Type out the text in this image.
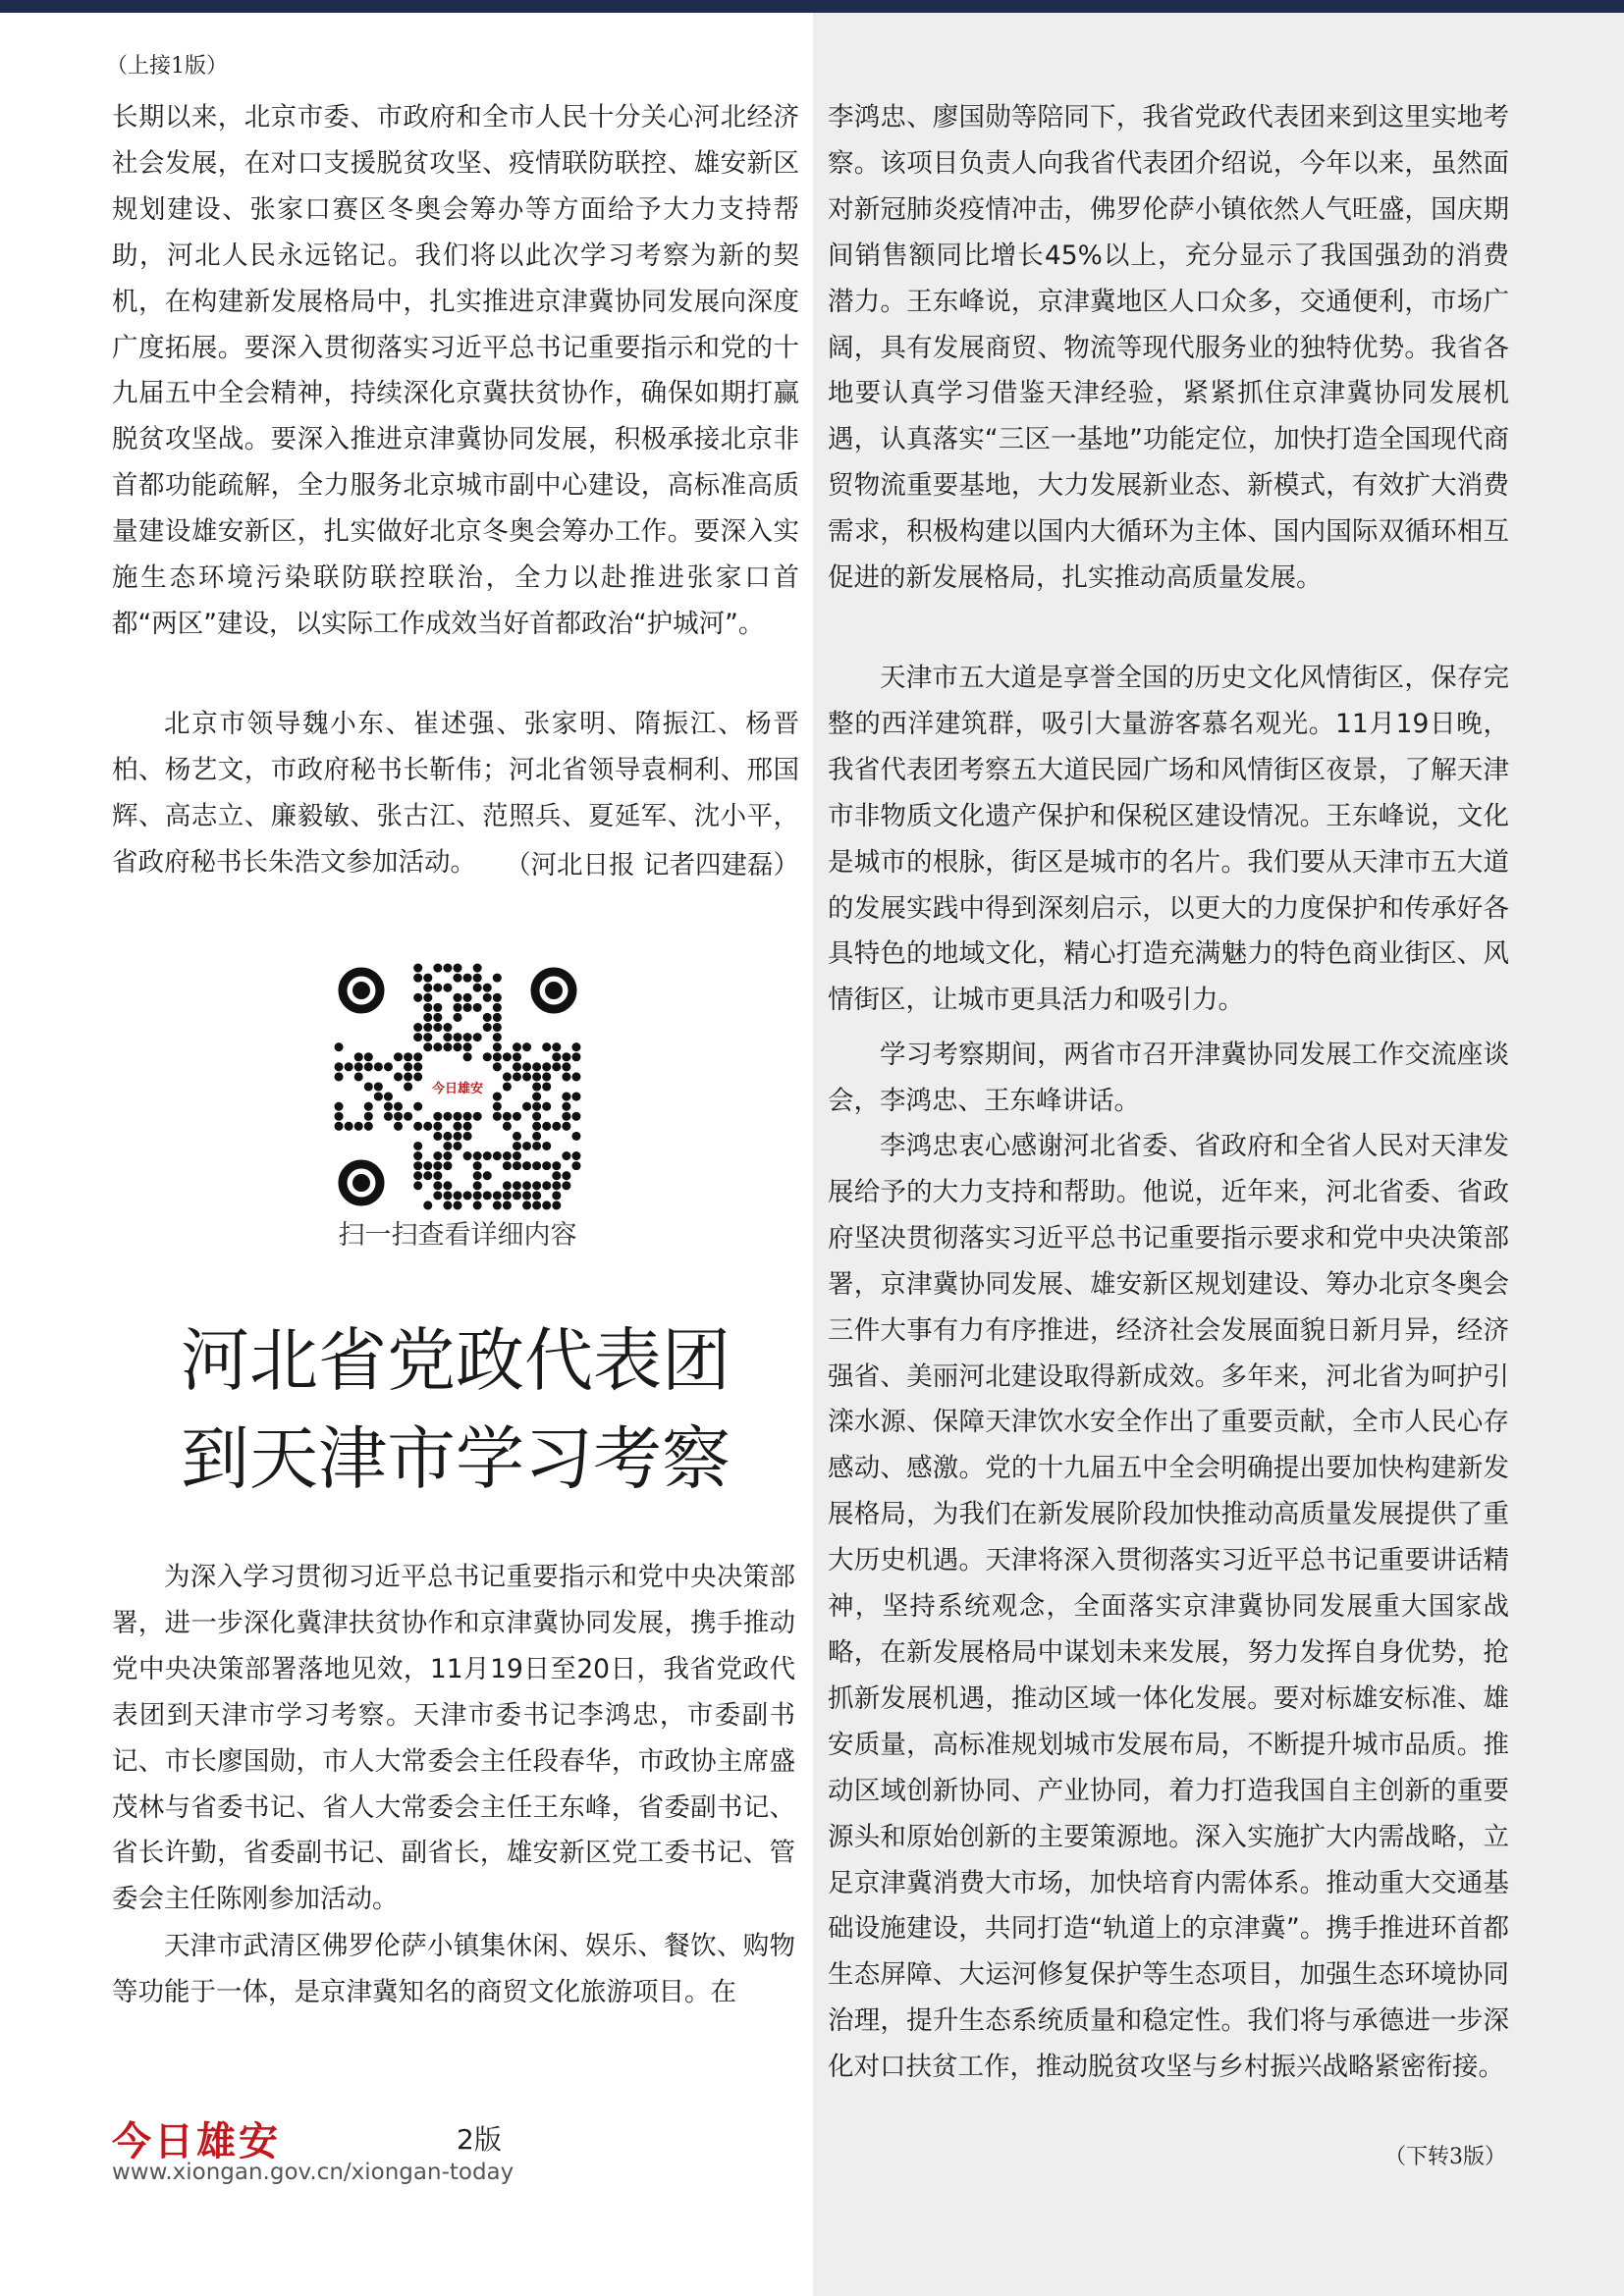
（上接1版）

长期以来，北京市委、市政府和全市人民十分关心河北经济社会发展，在对口支援脱贫攻坚、疫情联防联控、雄安新区规划建设、张家口赛区冬奥会筹办等方面给予大力支持帮助，河北人民永远铭记。我们将以此次学习考察为新的契机，在构建新发展格局中，扎实推进京津冀协同发展向深度广度拓展。要深入贯彻落实习近平总书记重要指示和党的十九届五中全会精神，持续深化京冀扶贫协作，确保如期打赢脱贫攻坚战。要深入推进京津冀协同发展，积极承接北京非首都功能疏解，全力服务北京城市副中心建设，高标准高质量建设雄安新区，扎实做好北京冬奥会筹办工作。要深入实施生态环境污染联防联控联治，全力以赴推进张家口首都“两区”建设，以实际工作成效当好首都政治“护城河”。

北京市领导魏小东、崔述强、张家明、隋振江、杨晋柏、杨艺文，市政府秘书长靳伟；河北省领导袁桐利、邢国辉、高志立、廉毅敏、张古江、范照兵、夏延军、沈小平，省政府秘书长朱浩文参加活动。	（河北日报 记者四建磊）
今日雄安
扫一扫查看详细内容
河北省党政代表团
到天津市学习考察

为深入学习贯彻习近平总书记重要指示和党中央决策部署，进一步深化冀津扶贫协作和京津冀协同发展，携手推动党中央决策部署落地见效，11月19日至20日，我省党政代表团到天津市学习考察。天津市委书记李鸿忠，市委副书记、市长廖国勋，市人大常委会主任段春华，市政协主席盛茂林与省委书记、省人大常委会主任王东峰，省委副书记、省长许勤，省委副书记、副省长，雄安新区党工委书记、管委会主任陈刚参加活动。

天津市武清区佛罗伦萨小镇集休闲、娱乐、餐饮、购物等功能于一体，是京津冀知名的商贸文化旅游项目。在

李鸿忠、廖国勋等陪同下，我省党政代表团来到这里实地考察。该项目负责人向我省代表团介绍说，今年以来，虽然面对新冠肺炎疫情冲击，佛罗伦萨小镇依然人气旺盛，国庆期间销售额同比增长45%以上，充分显示了我国强劲的消费潜力。王东峰说，京津冀地区人口众多，交通便利，市场广阔，具有发展商贸、物流等现代服务业的独特优势。我省各地要认真学习借鉴天津经验，紧紧抓住京津冀协同发展机遇，认真落实“三区一基地”功能定位，加快打造全国现代商贸物流重要基地，大力发展新业态、新模式，有效扩大消费需求，积极构建以国内大循环为主体、国内国际双循环相互促进的新发展格局，扎实推动高质量发展。

天津市五大道是享誉全国的历史文化风情街区，保存完整的西洋建筑群，吸引大量游客慕名观光。11月19日晚，我省代表团考察五大道民园广场和风情街区夜景，了解天津市非物质文化遗产保护和保税区建设情况。王东峰说，文化是城市的根脉，街区是城市的名片。我们要从天津市五大道的发展实践中得到深刻启示，以更大的力度保护和传承好各具特色的地域文化，精心打造充满魅力的特色商业街区、风情街区，让城市更具活力和吸引力。

学习考察期间，两省市召开津冀协同发展工作交流座谈会，李鸿忠、王东峰讲话。

李鸿忠衷心感谢河北省委、省政府和全省人民对天津发展给予的大力支持和帮助。他说，近年来，河北省委、省政府坚决贯彻落实习近平总书记重要指示要求和党中央决策部署，京津冀协同发展、雄安新区规划建设、筹办北京冬奥会三件大事有力有序推进，经济社会发展面貌日新月异，经济强省、美丽河北建设取得新成效。多年来，河北省为呵护引滦水源、保障天津饮水安全作出了重要贡献，全市人民心存感动、感激。党的十九届五中全会明确提出要加快构建新发展格局，为我们在新发展阶段加快推动高质量发展提供了重大历史机遇。天津将深入贯彻落实习近平总书记重要讲话精神，坚持系统观念，全面落实京津冀协同发展重大国家战略，在新发展格局中谋划未来发展，努力发挥自身优势，抢抓新发展机遇，推动区域一体化发展。要对标雄安标准、雄安质量，高标准规划城市发展布局，不断提升城市品质。推动区域创新协同、产业协同，着力打造我国自主创新的重要源头和原始创新的主要策源地。深入实施扩大内需战略，立足京津冀消费大市场，加快培育内需体系。推动重大交通基础设施建设，共同打造“轨道上的京津冀”。携手推进环首都生态屏障、大运河修复保护等生态项目，加强生态环境协同治理，提升生态系统质量和稳定性。我们将与承德进一步深化对口扶贫工作，推动脱贫攻坚与乡村振兴战略紧密衔接。

（下转3版）
今日雄安	2版
www.xiongan.gov.cn/xiongan-today
